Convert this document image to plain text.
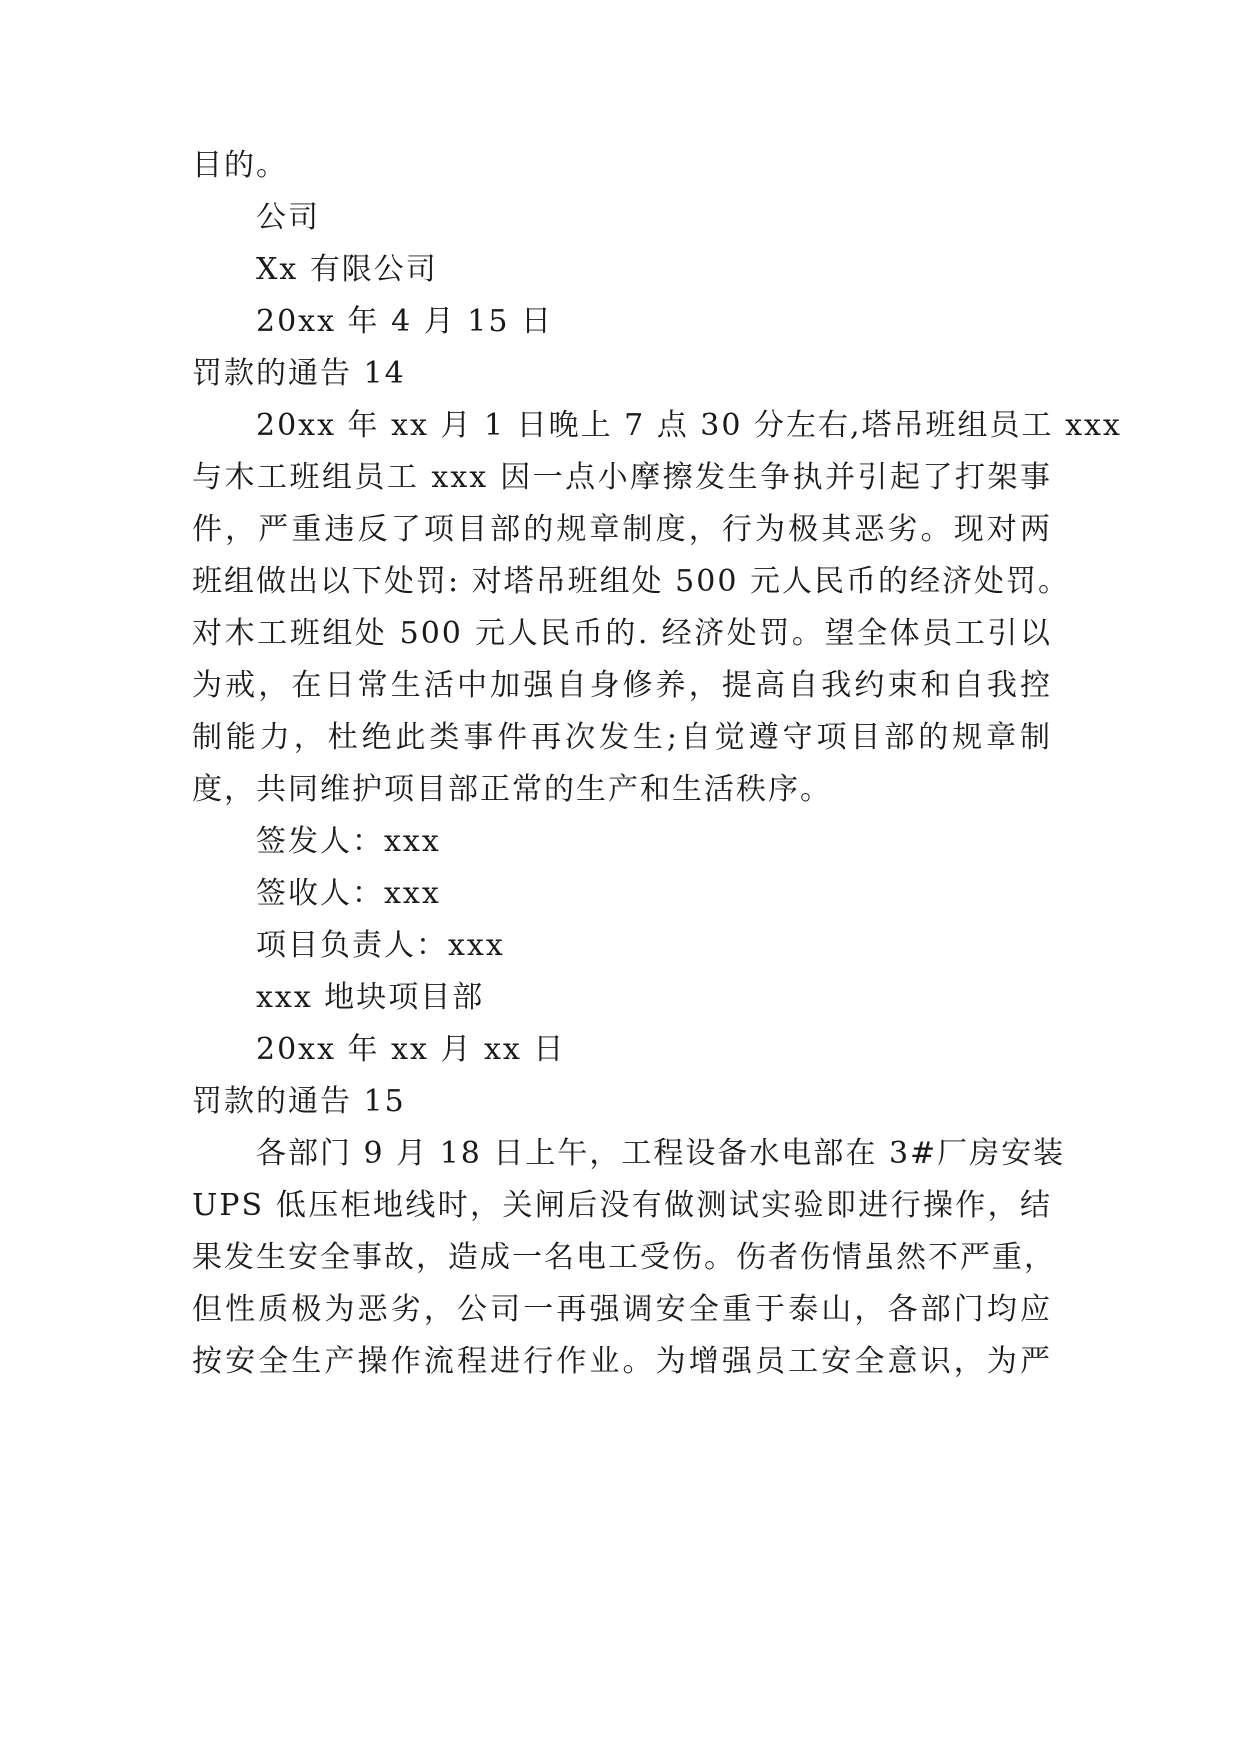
目的。
公司
Xx 有限公司
20xx 年 4 月 15 日
罚款的通告 14
20xx 年 xx 月 1 日晚上 7 点 30 分左右,塔吊班组员工 xxx
与木工班组员工 xxx 因一点小摩擦发生争执并引起了打架事
件，严重违反了项目部的规章制度，行为极其恶劣。现对两
班组做出以下处罚: 对塔吊班组处 500 元人民币的经济处罚。
对木工班组处 500 元人民币的. 经济处罚。望全体员工引以
为戒，在日常生活中加强自身修养，提高自我约束和自我控
制能力，杜绝此类事件再次发生;自觉遵守项目部的规章制
度，共同维护项目部正常的生产和生活秩序。
签发人：xxx
签收人：xxx
项目负责人：xxx
xxx 地块项目部
20xx 年 xx 月 xx 日
罚款的通告 15
各部门 9 月 18 日上午，工程设备水电部在 3#厂房安装
UPS 低压柜地线时，关闸后没有做测试实验即进行操作，结
果发生安全事故，造成一名电工受伤。伤者伤情虽然不严重，
但性质极为恶劣，公司一再强调安全重于泰山，各部门均应
按安全生产操作流程进行作业。为增强员工安全意识，为严
